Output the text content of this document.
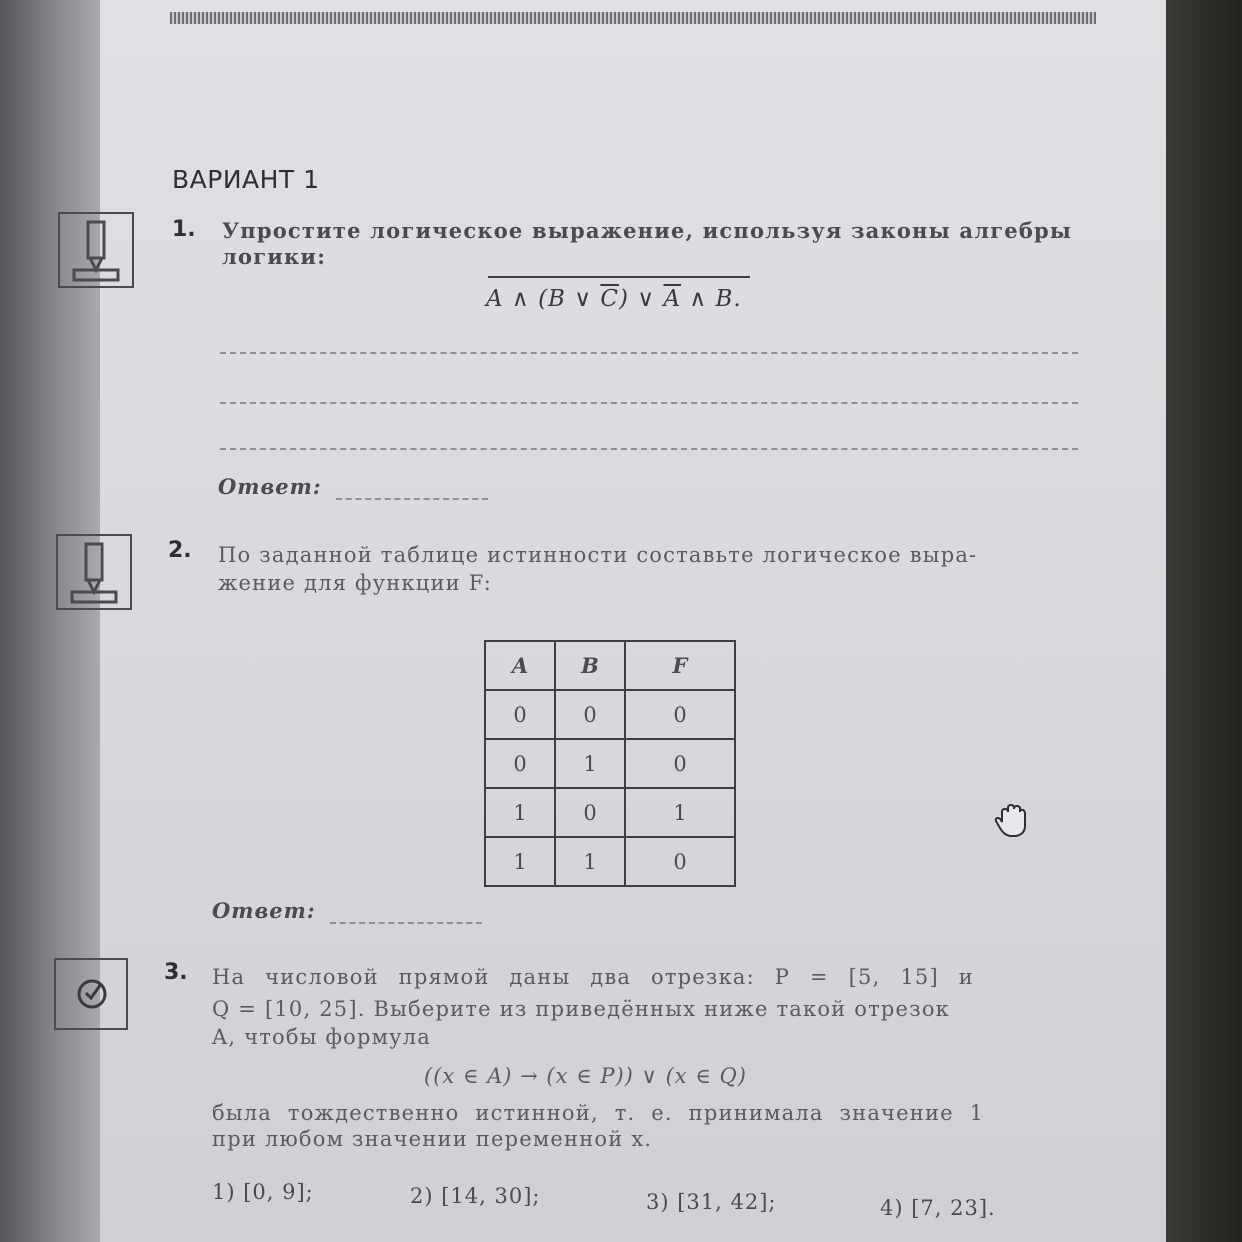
ВАРИАНТ 1
1. Упростите логическое выражение, используя законы алгебры
логики:
A ∧ (B ∨ $\overline{C}$) ∨ $\overline{A}$ ∧ B.
Ответ:
2. По заданной таблице истинности составьте логическое выра-
жение для функции F:
A	B	F
0	0	0
0	1	0
1	0	1
1	1	0
Ответ:
3. На числовой прямой даны два отрезка: P = [5, 15] и
Q = [10, 25]. Выберите из приведённых ниже такой отрезок
A, чтобы формула
((x ∈ A) → (x ∈ P)) ∨ (x ∈ Q)
была тождественно истинной, т. е. принимала значение 1
при любом значении переменной x.
1) [0, 9];	2) [14, 30];	3) [31, 42];	4) [7, 23].
